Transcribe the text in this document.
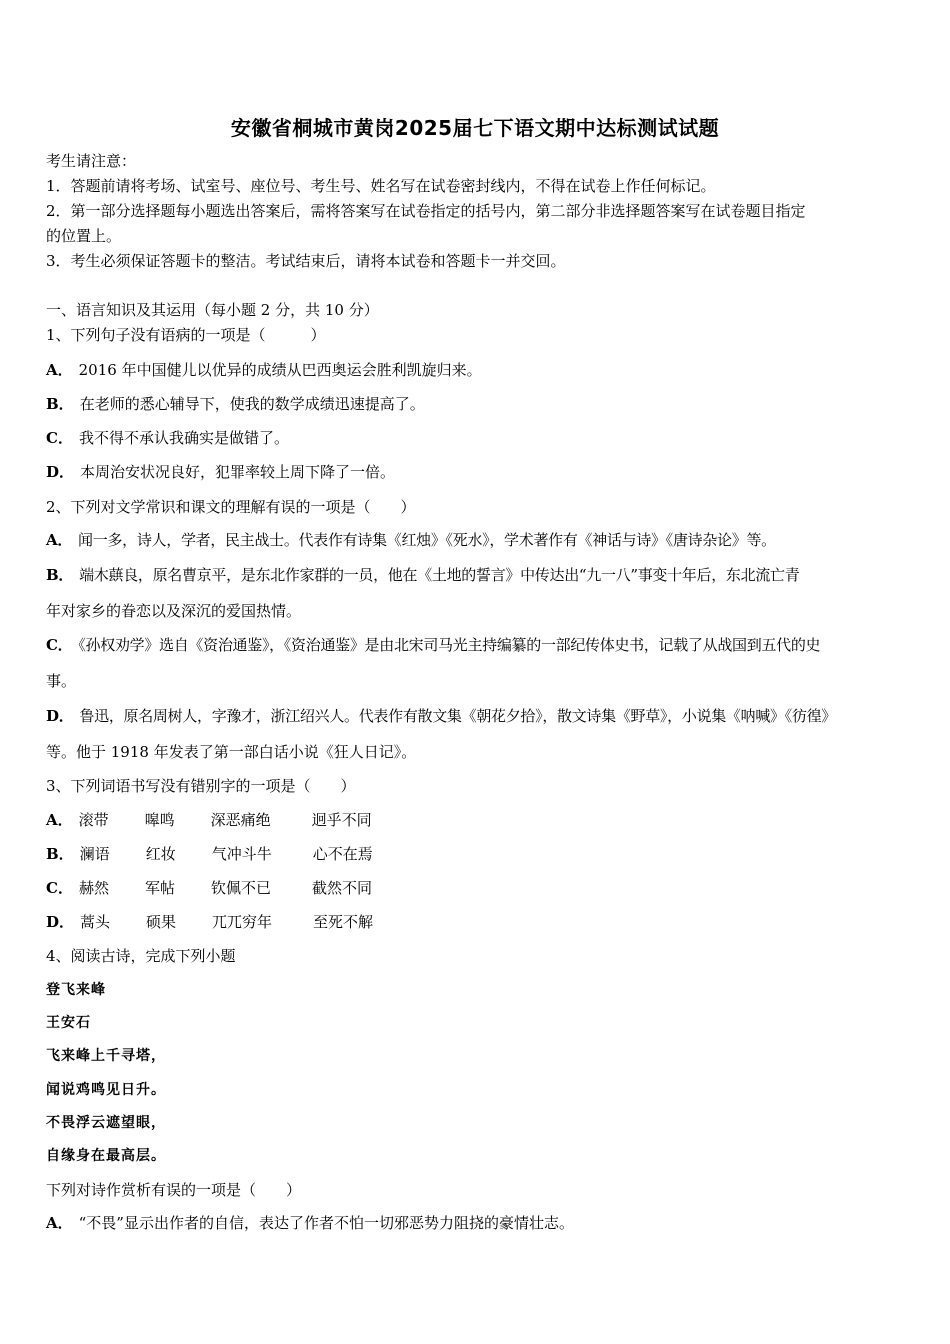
安徽省桐城市黄岗2025届七下语文期中达标测试试题
考生请注意：
1．答题前请将考场、试室号、座位号、考生号、姓名写在试卷密封线内，不得在试卷上作任何标记。
2．第一部分选择题每小题选出答案后，需将答案写在试卷指定的括号内，第二部分非选择题答案写在试卷题目指定
的位置上。
3．考生必须保证答题卡的整洁。考试结束后，请将本试卷和答题卡一并交回。
一、语言知识及其运用（每小题 2 分，共 10 分）
1、下列句子没有语病的一项是（　　　）
A． 2016 年中国健儿以优异的成绩从巴西奥运会胜利凯旋归来。
B． 在老师的悉心辅导下，使我的数学成绩迅速提高了。
C． 我不得不承认我确实是做错了。
D． 本周治安状况良好，犯罪率较上周下降了一倍。
2、下列对文学常识和课文的理解有误的一项是（　　）
A． 闻一多，诗人，学者，民主战士。代表作有诗集《红烛》《死水》，学术著作有《神话与诗》《唐诗杂论》等。
B． 端木蕻良，原名曹京平，是东北作家群的一员，他在《土地的誓言》中传达出“九一八”事变十年后，东北流亡青
年对家乡的眷恋以及深沉的爱国热情。
C． 《孙权劝学》选自《资治通鉴》，《资治通鉴》是由北宋司马光主持编纂的一部纪传体史书，记载了从战国到五代的史
事。
D． 鲁迅，原名周树人，字豫才，浙江绍兴人。代表作有散文集《朝花夕拾》，散文诗集《野草》，小说集《呐喊》《彷徨》
等。他于 1918 年发表了第一部白话小说《狂人日记》。
3、下列词语书写没有错别字的一项是（　　）
A． 滚带 嗥鸣 深恶痛绝	迥乎不同
B． 澜语 红妆 气冲斗牛	心不在焉
C． 赫然 军帖 钦佩不已	截然不同
D． 蒿头 硕果 兀兀穷年	至死不解
4、阅读古诗，完成下列小题
登飞来峰
王安石
飞来峰上千寻塔，
闻说鸡鸣见日升。
不畏浮云遮望眼，
自缘身在最高层。
下列对诗作赏析有误的一项是（　　）
A． “不畏”显示出作者的自信，表达了作者不怕一切邪恶势力阻挠的豪情壮志。
